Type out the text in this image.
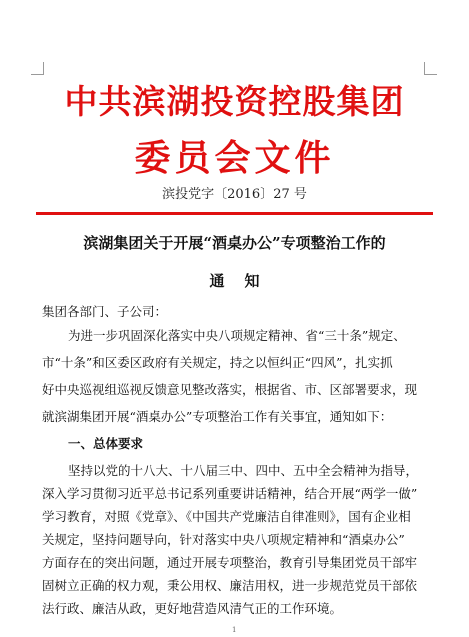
中共滨湖投资控股集团
委员会文件
滨投党字〔2016〕27 号
滨湖集团关于开展“酒桌办公”专项整治工作的
通知
集团各部门、子公司：
为进一步巩固深化落实中央八项规定精神、省“三十条”规定、
市“十条”和区委区政府有关规定，持之以恒纠正“四风”，扎实抓
好中央巡视组巡视反馈意见整改落实，根据省、市、区部署要求，现
就滨湖集团开展“酒桌办公”专项整治工作有关事宜，通知如下：
一、总体要求
坚持以党的十八大、十八届三中、四中、五中全会精神为指导，
深入学习贯彻习近平总书记系列重要讲话精神，结合开展“两学一做”
学习教育，对照《党章》、《中国共产党廉洁自律准则》，国有企业相
关规定，坚持问题导向，针对落实中央八项规定精神和“酒桌办公”
方面存在的突出问题，通过开展专项整治，教育引导集团党员干部牢
固树立正确的权力观，秉公用权、廉洁用权，进一步规范党员干部依
法行政、廉洁从政，更好地营造风清气正的工作环境。
1
